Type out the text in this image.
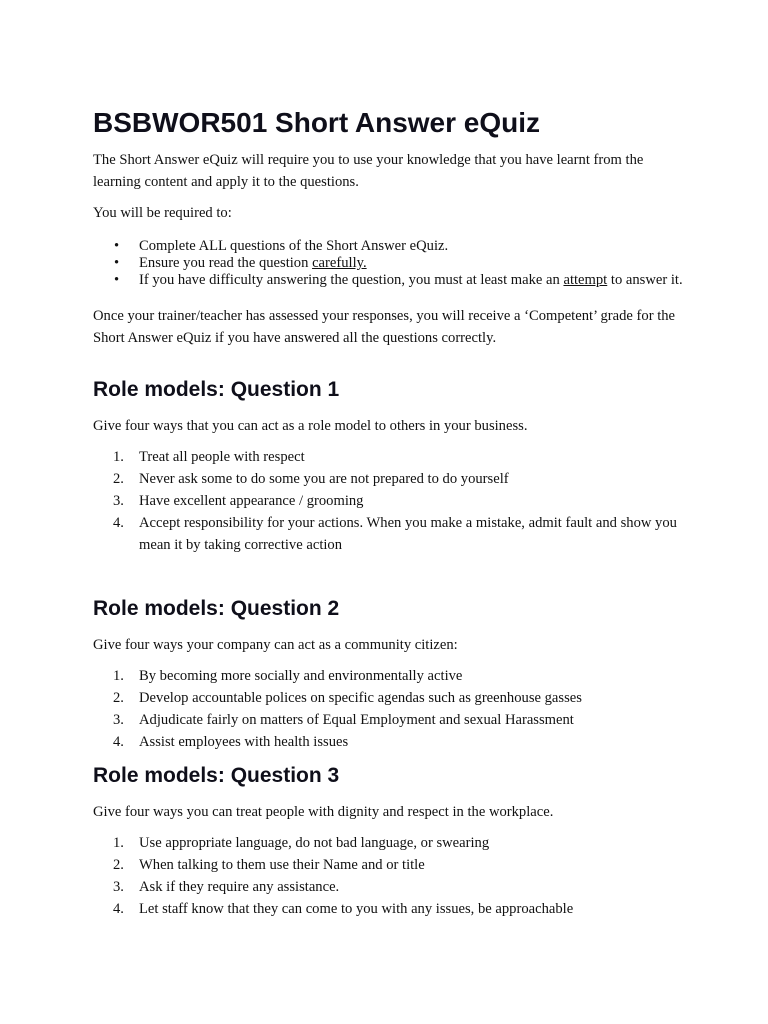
BSBWOR501 Short Answer eQuiz

The Short Answer eQuiz will require you to use your knowledge that you have learnt from the learning content and apply it to the questions.

You will be required to:

• Complete ALL questions of the Short Answer eQuiz.
• Ensure you read the question carefully.
• If you have difficulty answering the question, you must at least make an attempt to answer it.

Once your trainer/teacher has assessed your responses, you will receive a ‘Competent’ grade for the Short Answer eQuiz if you have answered all the questions correctly.

Role models: Question 1

Give four ways that you can act as a role model to others in your business.

1. Treat all people with respect
2. Never ask some to do some you are not prepared to do yourself
3. Have excellent appearance / grooming
4. Accept responsibility for your actions. When you make a mistake, admit fault and show you mean it by taking corrective action
Role models: Question 2

Give four ways your company can act as a community citizen:

1. By becoming more socially and environmentally active
2. Develop accountable polices on specific agendas such as greenhouse gasses
3. Adjudicate fairly on matters of Equal Employment and sexual Harassment
4. Assist employees with health issues
Role models: Question 3

Give four ways you can treat people with dignity and respect in the workplace.

1. Use appropriate language, do not bad language, or swearing
2. When talking to them use their Name and or title
3. Ask if they require any assistance.
4. Let staff know that they can come to you with any issues, be approachable
